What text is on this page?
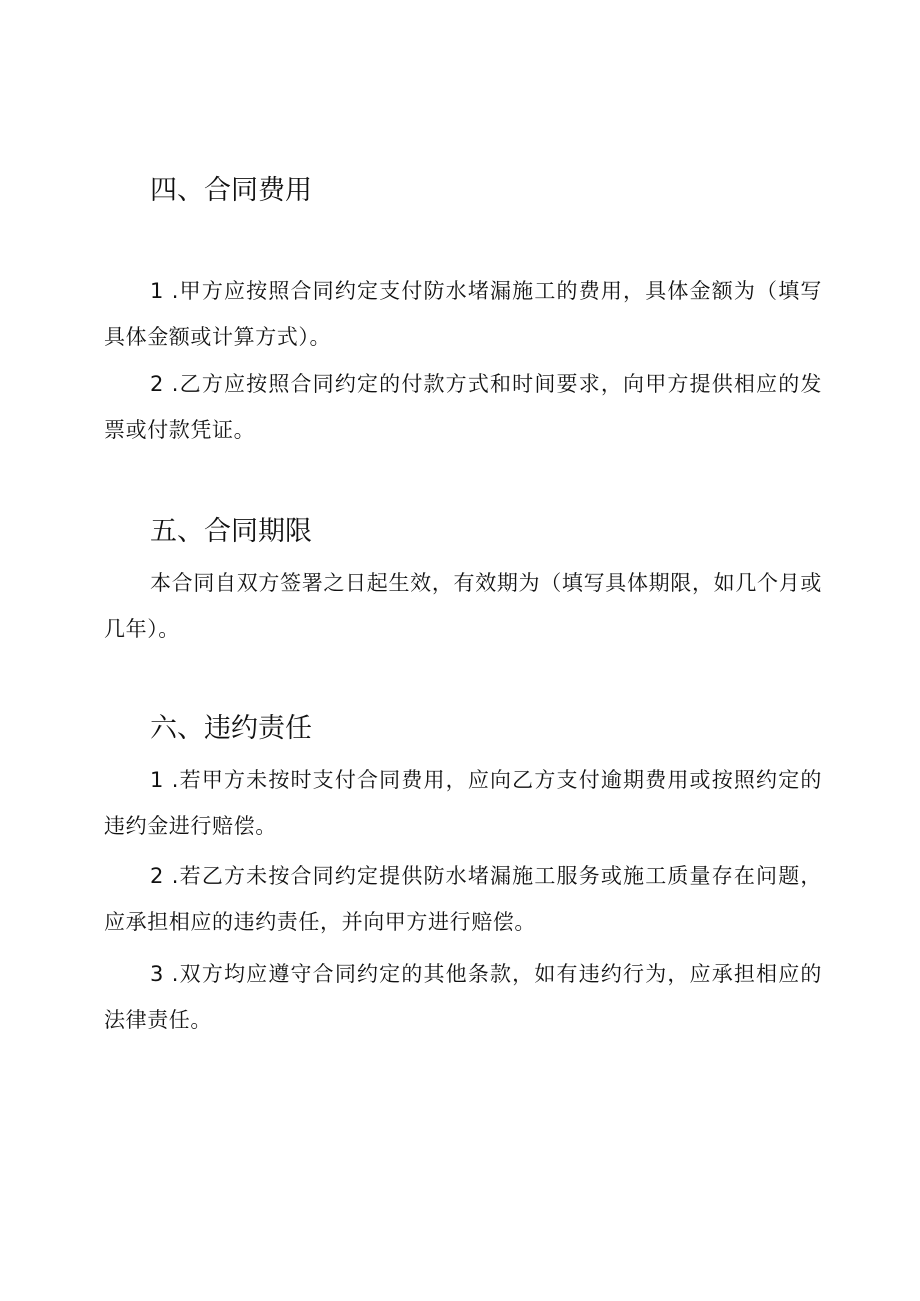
四、合同费用

1 .甲方应按照合同约定支付防水堵漏施工的费用，具体金额为（填写具体金额或计算方式）。

2 .乙方应按照合同约定的付款方式和时间要求，向甲方提供相应的发票或付款凭证。

五、合同期限

本合同自双方签署之日起生效，有效期为（填写具体期限，如几个月或几年）。

六、违约责任

1 .若甲方未按时支付合同费用，应向乙方支付逾期费用或按照约定的违约金进行赔偿。

2 .若乙方未按合同约定提供防水堵漏施工服务或施工质量存在问题，应承担相应的违约责任，并向甲方进行赔偿。

3 .双方均应遵守合同约定的其他条款，如有违约行为，应承担相应的法律责任。
